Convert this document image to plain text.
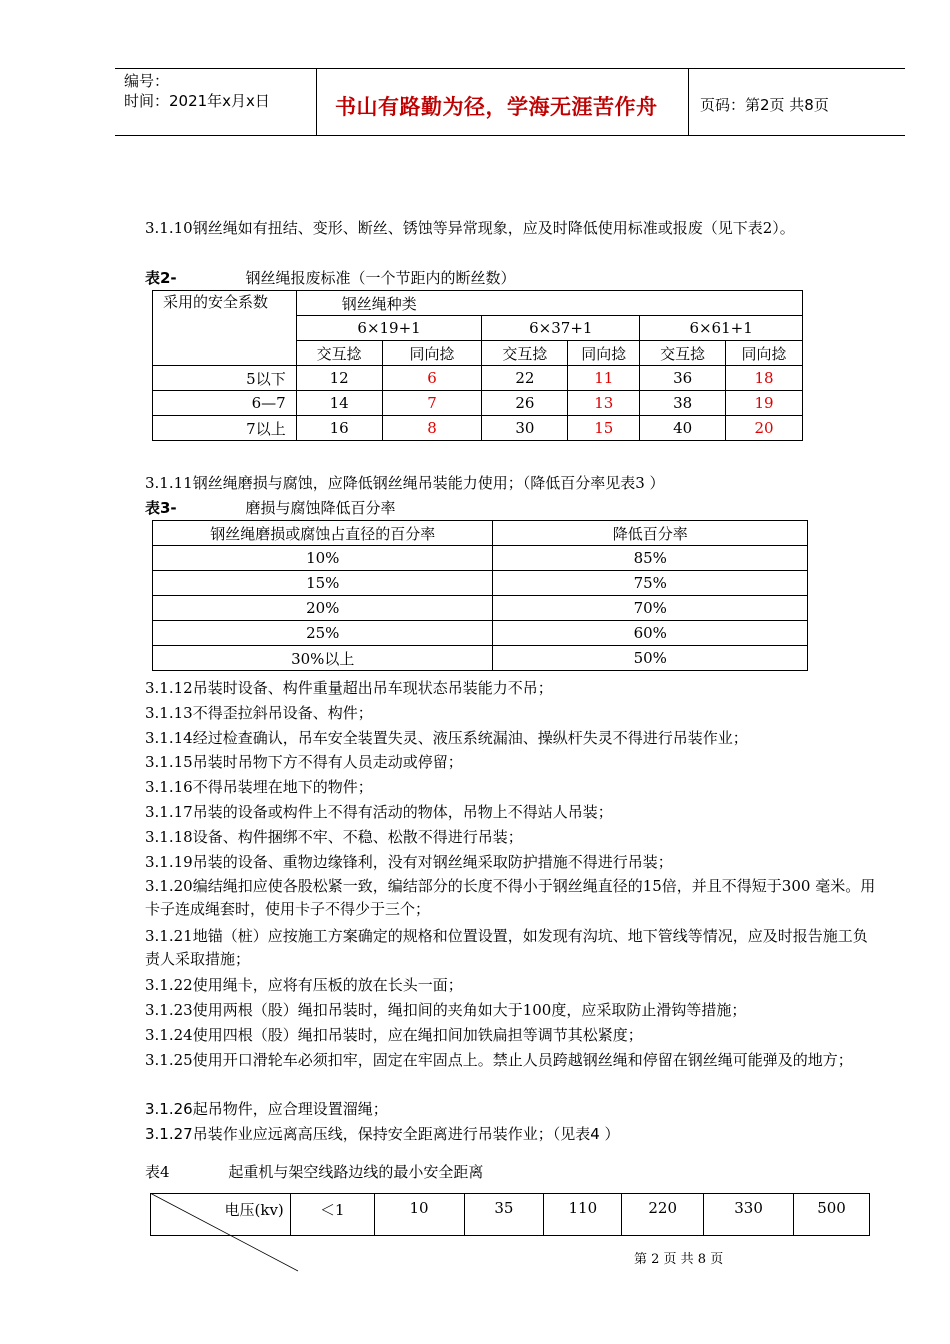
编号：
时间：2021年x月x日	书山有路勤为径，学海无涯苦作舟	页码：第2页 共8页
3.1.10钢丝绳如有扭结、变形、断丝、锈蚀等异常现象，应及时降低使用标准或报废（见下表2）。
表2-	钢丝绳报废标准（一个节距内的断丝数）
采用的安全系数	钢丝绳种类					
	6×19+1		6×37+1		6×61+1	
	交互捻	同向捻	交互捻	同向捻	交互捻	同向捻
5以下	12	6	22	11	36	18
6—7	14	7	26	13	38	19
7以上	16	8	30	15	40	20
3.1.11钢丝绳磨损与腐蚀，应降低钢丝绳吊装能力使用；（降低百分率见表3 ）
表3-	磨损与腐蚀降低百分率
钢丝绳磨损或腐蚀占直径的百分率	降低百分率
10%	85%
15%	75%
20%	70%
25%	60%
30%以上	50%
3.1.12吊装时设备、构件重量超出吊车现状态吊装能力不吊；
3.1.13不得歪拉斜吊设备、构件；
3.1.14经过检查确认，吊车安全装置失灵、液压系统漏油、操纵杆失灵不得进行吊装作业；
3.1.15吊装时吊物下方不得有人员走动或停留；
3.1.16不得吊装埋在地下的物件；
3.1.17吊装的设备或构件上不得有活动的物体，吊物上不得站人吊装；
3.1.18设备、构件捆绑不牢、不稳、松散不得进行吊装；
3.1.19吊装的设备、重物边缘锋利，没有对钢丝绳采取防护措施不得进行吊装；
3.1.20编结绳扣应使各股松紧一致，编结部分的长度不得小于钢丝绳直径的15倍，并且不得短于300 毫米。用卡子连成绳套时，使用卡子不得少于三个；
3.1.21地锚（桩）应按施工方案确定的规格和位置设置，如发现有沟坑、地下管线等情况，应及时报告施工负责人采取措施；
3.1.22使用绳卡，应将有压板的放在长头一面；
3.1.23使用两根（股）绳扣吊装时，绳扣间的夹角如大于100度，应采取防止滑钩等措施；
3.1.24使用四根（股）绳扣吊装时，应在绳扣间加铁扁担等调节其松紧度；
3.1.25使用开口滑轮车必须扣牢，固定在牢固点上。禁止人员跨越钢丝绳和停留在钢丝绳可能弹及的地方；
3.1.26起吊物件，应合理设置溜绳；
3.1.27吊装作业应远离高压线，保持安全距离进行吊装作业；（见表4 ）
表4	起重机与架空线路边线的最小安全距离
电压(kv)	＜1	10	35	110	220	330	500
第 2 页 共 8 页
